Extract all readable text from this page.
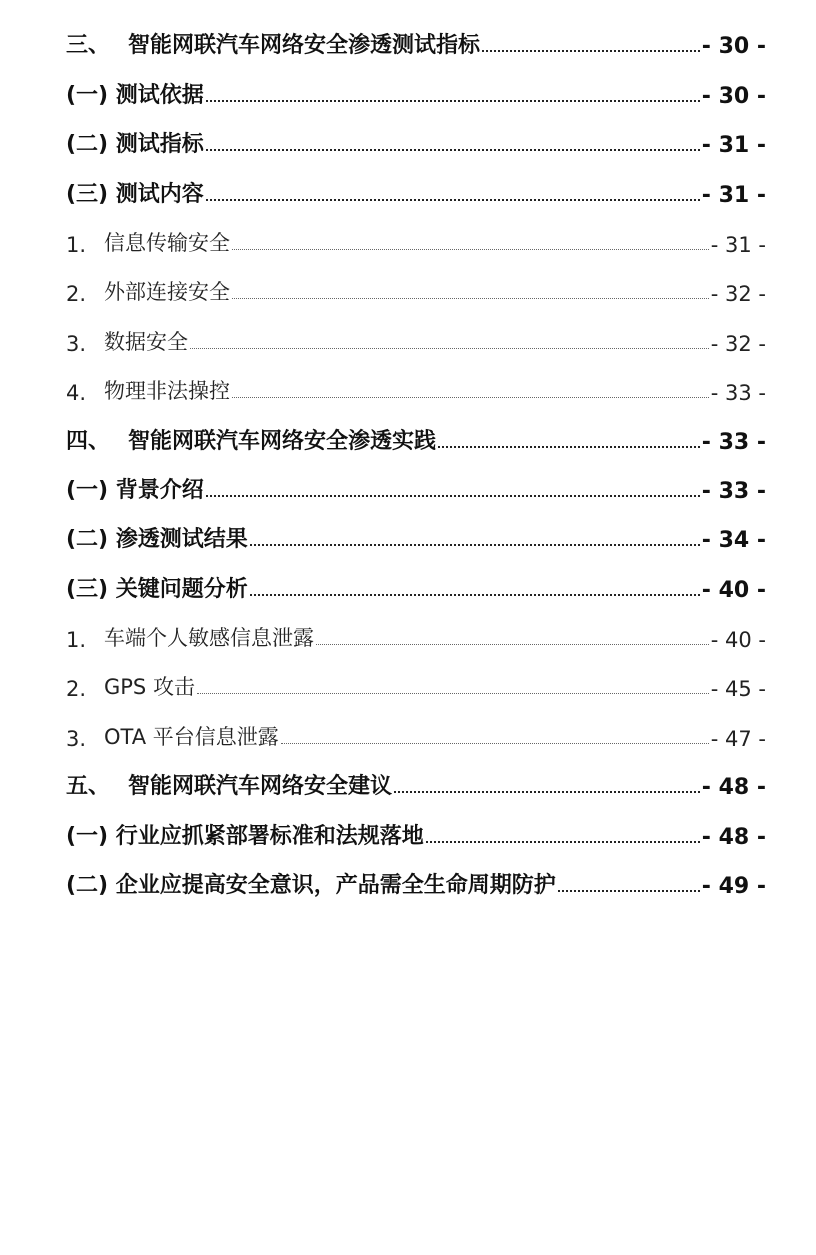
三、 智能网联汽车网络安全渗透测试指标	- 30 -
(一) 测试依据	- 30 -
(二) 测试指标	- 31 -
(三) 测试内容	- 31 -
1. 信息传输安全	- 31 -
2. 外部连接安全	- 32 -
3. 数据安全	- 32 -
4. 物理非法操控	- 33 -
四、 智能网联汽车网络安全渗透实践	- 33 -
(一) 背景介绍	- 33 -
(二) 渗透测试结果	- 34 -
(三) 关键问题分析	- 40 -
1. 车端个人敏感信息泄露	- 40 -
2. GPS 攻击	- 45 -
3. OTA 平台信息泄露	- 47 -
五、 智能网联汽车网络安全建议	- 48 -
(一) 行业应抓紧部署标准和法规落地	- 48 -
(二) 企业应提高安全意识，产品需全生命周期防护	- 49 -
